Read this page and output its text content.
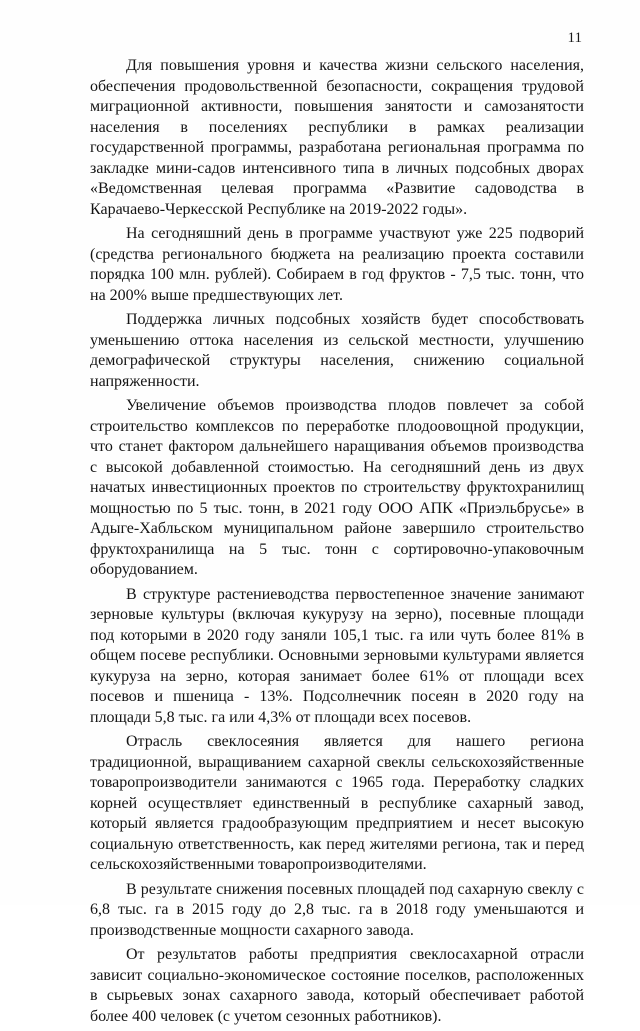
11

Для повышения уровня и качества жизни сельского населения, обеспечения продовольственной безопасности, сокращения трудовой миграционной активности, повышения занятости и самозанятости населения в поселениях республики в рамках реализации государственной программы, разработана региональная программа по закладке мини-садов интенсивного типа в личных подсобных дворах «Ведомственная целевая программа «Развитие садоводства в Карачаево-Черкесской Республике на 2019-2022 годы».

На сегодняшний день в программе участвуют уже 225 подворий (средства регионального бюджета на реализацию проекта составили порядка 100 млн. рублей). Собираем в год фруктов - 7,5 тыс. тонн, что на 200% выше предшествующих лет.

Поддержка личных подсобных хозяйств будет способствовать уменьшению оттока населения из сельской местности, улучшению демографической структуры населения, снижению социальной напряженности.

Увеличение объемов производства плодов повлечет за собой строительство комплексов по переработке плодоовощной продукции, что станет фактором дальнейшего наращивания объемов производства с высокой добавленной стоимостью. На сегодняшний день из двух начатых инвестиционных проектов по строительству фруктохранилищ мощностью по 5 тыс. тонн, в 2021 году ООО АПК «Приэльбрусье» в Адыге-Хабльском муниципальном районе завершило строительство фруктохранилища на 5 тыс. тонн с сортировочно-упаковочным оборудованием.

В структуре растениеводства первостепенное значение занимают зерновые культуры (включая кукурузу на зерно), посевные площади под которыми в 2020 году заняли 105,1 тыс. га или чуть более 81% в общем посеве республики. Основными зерновыми культурами является кукуруза на зерно, которая занимает более 61% от площади всех посевов и пшеница - 13%. Подсолнечник посеян в 2020 году на площади 5,8 тыс. га или 4,3% от площади всех посевов.

Отрасль свеклосеяния является для нашего региона традиционной, выращиванием сахарной свеклы сельскохозяйственные товаропроизводители занимаются с 1965 года. Переработку сладких корней осуществляет единственный в республике сахарный завод, который является градообразующим предприятием и несет высокую социальную ответственность, как перед жителями региона, так и перед сельскохозяйственными товаропроизводителями.

В результате снижения посевных площадей под сахарную свеклу с 6,8 тыс. га в 2015 году до 2,8 тыс. га в 2018 году уменьшаются и производственные мощности сахарного завода.

От результатов работы предприятия свеклосахарной отрасли зависит социально-экономическое состояние поселков, расположенных в сырьевых зонах сахарного завода, который обеспечивает работой более 400 человек (с учетом сезонных работников).
